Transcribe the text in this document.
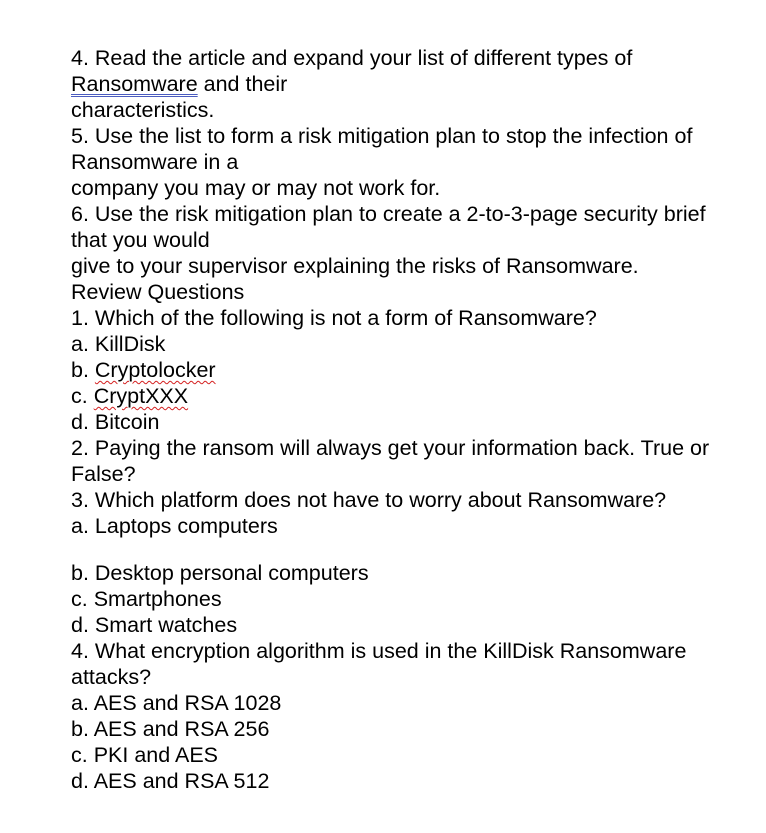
4. Read the article and expand your list of different types of
Ransomware and their
characteristics.
5. Use the list to form a risk mitigation plan to stop the infection of
Ransomware in a
company you may or may not work for.
6. Use the risk mitigation plan to create a 2-to-3-page security brief
that you would
give to your supervisor explaining the risks of Ransomware.
Review Questions
1. Which of the following is not a form of Ransomware?
a. KillDisk
b. Cryptolocker
c. CryptXXX
d. Bitcoin
2. Paying the ransom will always get your information back. True or
False?
3. Which platform does not have to worry about Ransomware?
a. Laptops computers
b. Desktop personal computers
c. Smartphones
d. Smart watches
4. What encryption algorithm is used in the KillDisk Ransomware
attacks?
a. AES and RSA 1028
b. AES and RSA 256
c. PKI and AES
d. AES and RSA 512
